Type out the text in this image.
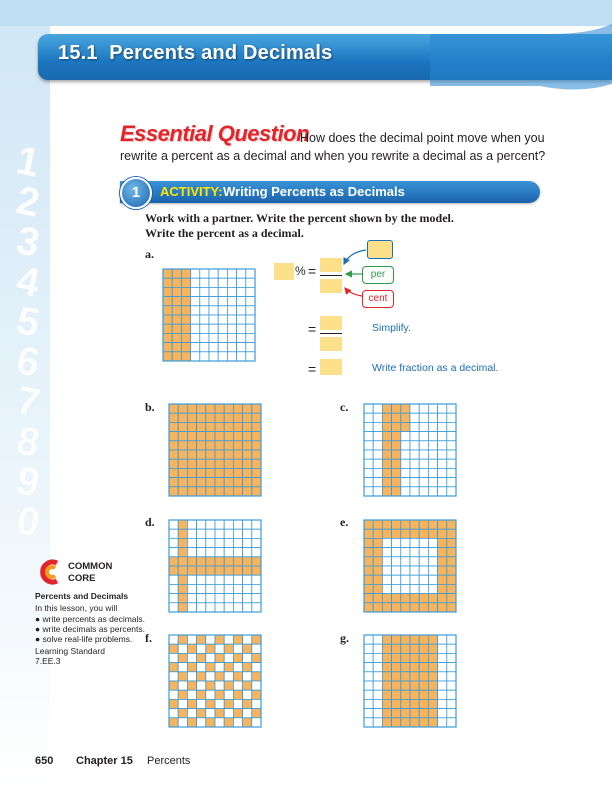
1
2
3
4
5
6
7
8
9
0
15.1 Percents and Decimals
Essential Question
How does the decimal point move when you
rewrite a percent as a decimal and when you rewrite a decimal as a percent?
1	ACTIVITY: Writing Percents as Decimals
Work with a partner. Write the percent shown by the model.
Write the percent as a decimal.
a.
b.	c.
d.	e.
f.	g.
% =	per
cent
=	Simplify.
=	Write fraction as a decimal.
COMMON
CORE
Percents and Decimals
In this lesson, you will
● write percents as decimals.
● write decimals as percents.
● solve real-life problems.
Learning Standard
7.EE.3
650 Chapter 15 Percents
